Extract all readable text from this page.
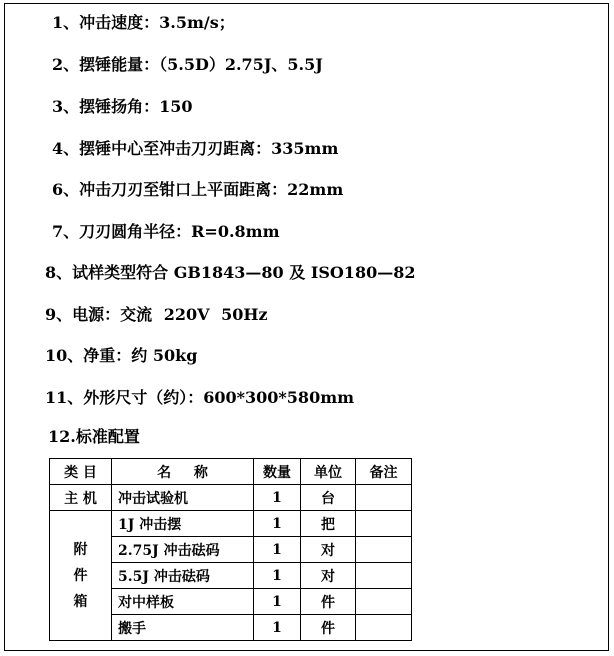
1、冲击速度：3.5m/s；
2、摆锤能量：（5.5D）2.75J、5.5J
3、摆锤扬角：150
4、摆锤中心至冲击刀刃距离：335mm
6、冲击刀刃至钳口上平面距离：22mm
7、刀刃圆角半径：R=0.8mm
8、试样类型符合 GB1843—80 及 ISO180—82
9、电源：交流 220V 50Hz
10、净重：约 50kg
11、外形尺寸（约）：600*300*580mm
12.标准配置
类 目	名 称	数量	单位	备注
主 机	冲击试验机	1	台	

附
件
箱	1J 冲击摆	1	把	
	2.75J 冲击砝码	1	对	
	5.5J 冲击砝码	1	对	
	对中样板	1	件	
	搬手	1	件	
